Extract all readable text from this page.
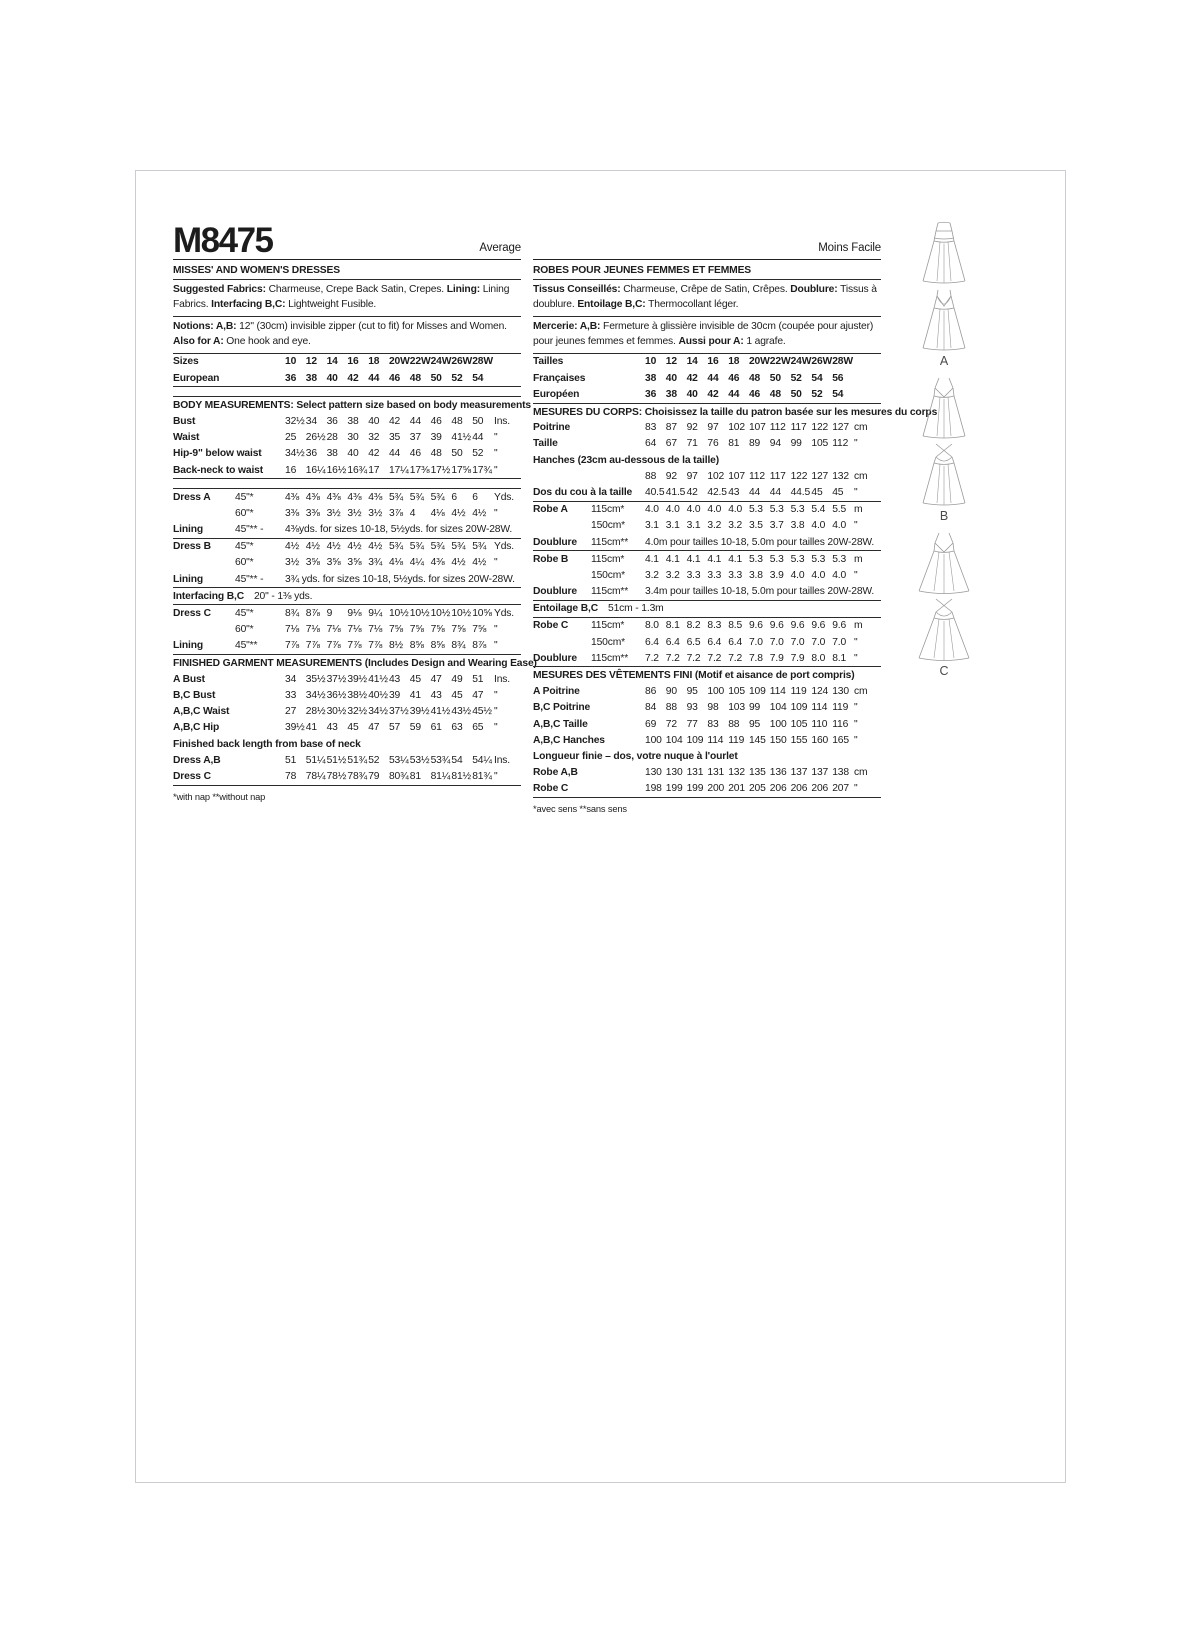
M8475	Average
MISSES' AND WOMEN'S DRESSES
Suggested Fabrics: Charmeuse, Crepe Back Satin, Crepes. Lining: Lining Fabrics. Interfacing B,C: Lightweight Fusible.
Notions: A,B: 12" (30cm) invisible zipper (cut to fit) for Misses and Women. Also for A: One hook and eye.
Sizes	10 12 14 16 18 20W 22W 24W 26W 28W
European	36 38 40 42 44 46 48 50 52 54
BODY MEASUREMENTS: Select pattern size based on body measurements
Bust	32½ 34 36 38 40 42 44 46 48 50	Ins.
Waist	25 26½ 28 30 32 35 37 39 41½ 44	"
Hip-9" below waist	34½ 36 38 40 42 44 46 48 50 52	"
Back-neck to waist	16 16¼ 16½ 16¾ 17 17¼ 17⅜ 17½ 17⅝ 17¾ "
Dress A	45"*	4⅜ 4⅜ 4⅜ 4⅜ 4⅜ 5¾ 5¾ 5¾ 6	6	Yds.
60"*	3⅜ 3⅜ 3½ 3½ 3½ 3⅞ 4	4⅛ 4½ 4½ "
Lining	45"** -	4⅜yds. for sizes 10-18, 5½yds. for sizes 20W-28W.
Dress B	45"*	4½ 4½ 4½ 4½ 4½ 5¾ 5¾ 5¾ 5¾ 5¾ Yds.
60"*	3½ 3⅝ 3⅝ 3⅝ 3¾ 4⅛ 4¼ 4⅜ 4½ 4½ "
Lining	45"** -	3¾ yds. for sizes 10-18, 5½yds. for sizes 20W-28W.
Interfacing B,C 20" - 1⅜ yds.
Dress C	45"*	8¾ 8⅞ 9	9⅛ 9¼ 10½ 10½ 10½ 10½ 10⅝ Yds.
60"*	7⅛ 7⅛ 7⅛ 7⅛ 7⅛ 7⅝ 7⅝ 7⅝ 7⅝ 7⅝ "
Lining	45"**	7⅞ 7⅞ 7⅞ 7⅞ 7⅞ 8½ 8⅝ 8⅝ 8¾ 8⅞ "
FINISHED GARMENT MEASUREMENTS (Includes Design and Wearing Ease)
A Bust	34 35½ 37½ 39½ 41½ 43 45 47 49 51	Ins.
B,C Bust	33 34½ 36½ 38½ 40½ 39 41 43 45 47	"
A,B,C Waist	27 28½ 30½ 32½ 34½ 37½ 39½ 41½ 43½ 45½ "
A,B,C Hip	39½ 41 43 45 47 57 59 61 63 65	"
Finished back length from base of neck
Dress A,B	51 51¼ 51½ 51¾ 52 53¼ 53½ 53¾ 54 54¼ Ins.
Dress C	78 78¼ 78½ 78¾ 79 80¾ 81 81¼ 81½ 81¾ "
*with nap **without nap
Moins Facile
ROBES POUR JEUNES FEMMES ET FEMMES
Tissus Conseillés: Charmeuse, Crêpe de Satin, Crêpes. Doublure: Tissus à doublure. Entoilage B,C: Thermocollant léger.
Mercerie: A,B: Fermeture à glissière invisible de 30cm (coupée pour ajuster) pour jeunes femmes et femmes. Aussi pour A: 1 agrafe.
Tailles	10 12 14 16 18 20W 22W 24W 26W 28W
Françaises	38 40 42 44 46 48 50 52 54 56
Européen	36 38 40 42 44 46 48 50 52 54
MESURES DU CORPS: Choisissez la taille du patron basée sur les mesures du corps
Poitrine	83 87 92 97 102 107 112 117 122 127 cm
Taille	64 67 71 76 81 89 94 99 105 112 "
Hanches (23cm au-dessous de la taille)
88 92 97 102 107 112 117 122 127 132 cm
Dos du cou à la taille	40.5 41.5 42 42.5 43 44 44 44.5 45 45	"
Robe A	115cm*	4.0 4.0 4.0 4.0 4.0 5.3 5.3 5.3 5.4 5.5 m
150cm*	3.1 3.1 3.1 3.2 3.2 3.5 3.7 3.8 4.0 4.0 "
Doublure	115cm**	4.0m pour tailles 10-18, 5.0m pour tailles 20W-28W.
Robe B	115cm*	4.1 4.1 4.1 4.1 4.1 5.3 5.3 5.3 5.3 5.3 m
150cm*	3.2 3.2 3.3 3.3 3.3 3.8 3.9 4.0 4.0 4.0 "
Doublure	115cm**	3.4m pour tailles 10-18, 5.0m pour tailles 20W-28W.
Entoilage B,C 51cm - 1.3m
Robe C	115cm*	8.0 8.1 8.2 8.3 8.5 9.6 9.6 9.6 9.6 9.6 m
150cm*	6.4 6.4 6.5 6.4 6.4 7.0 7.0 7.0 7.0 7.0 "
Doublure	115cm**	7.2 7.2 7.2 7.2 7.2 7.8 7.9 7.9 8.0 8.1 "
MESURES DES VÊTEMENTS FINI (Motif et aisance de port compris)
A Poitrine	86 90 95 100 105 109 114 119 124 130 cm
B,C Poitrine	84 88 93 98 103 99 104 109 114 119 "
A,B,C Taille	69 72 77 83 88 95 100 105 110 116 "
A,B,C Hanches	100 104 109 114 119 145 150 155 160 165 "
Longueur finie – dos, votre nuque à l'ourlet
Robe A,B	130 130 131 131 132 135 136 137 137 138 cm
Robe C	198 199 199 200 201 205 206 206 206 207 "
*avec sens **sans sens
A
B
C
